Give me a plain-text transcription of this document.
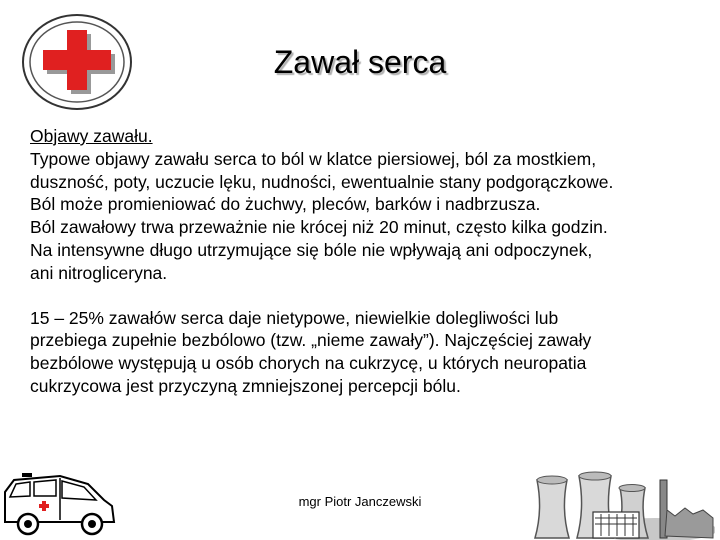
Zawał serca

Objawy zawału.

Typowe objawy zawału serca to ból w klatce piersiowej, ból za mostkiem,

duszność, poty, uczucie lęku, nudności, ewentualnie stany podgorączkowe.

Ból może promieniować do żuchwy, pleców, barków i nadbrzusza.

Ból zawałowy trwa przeważnie nie krócej niż 20 minut, często kilka godzin.

Na intensywne długo utrzymujące się bóle nie wpływają ani odpoczynek,

ani nitrogliceryna.

15 – 25% zawałów serca daje nietypowe, niewielkie dolegliwości lub

przebiega zupełnie bezbólowo (tzw. „nieme zawały”). Najczęściej zawały

bezbólowe występują u osób chorych na cukrzycę, u których neuropatia

cukrzycowa jest przyczyną zmniejszonej percepcji bólu.

mgr Piotr Janczewski
